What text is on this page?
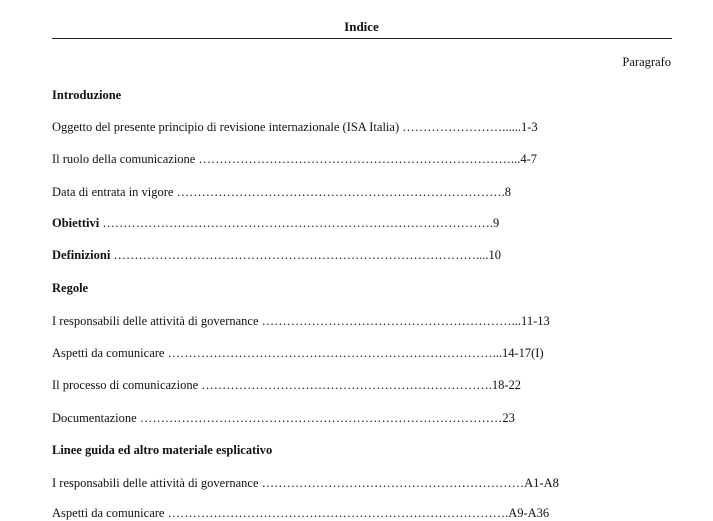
Indice
Paragrafo
Introduzione
Oggetto del presente principio di revisione internazionale (ISA Italia) ……………………......1-3
Il ruolo della comunicazione …………………………………………………………………...4-7
Data di entrata in vigore …………………………………………………………………….8
Obiettivi ………………………………………………………………………………….9
Definizioni ……………………………………………………………………………....10
Regole
I responsabili delle attività di governance ……………………………………………………...11-13
Aspetti da comunicare ……………………………………………………………………...14-17(I)
Il processo di comunicazione …………………………………………………………….18-22
Documentazione ……………………………………………………………………………23
Linee guida ed altro materiale esplicativo
I responsabili delle attività di governance ………………………………………………………A1-A8
Aspetti da comunicare ……………………………………………………………………….A9-A36
